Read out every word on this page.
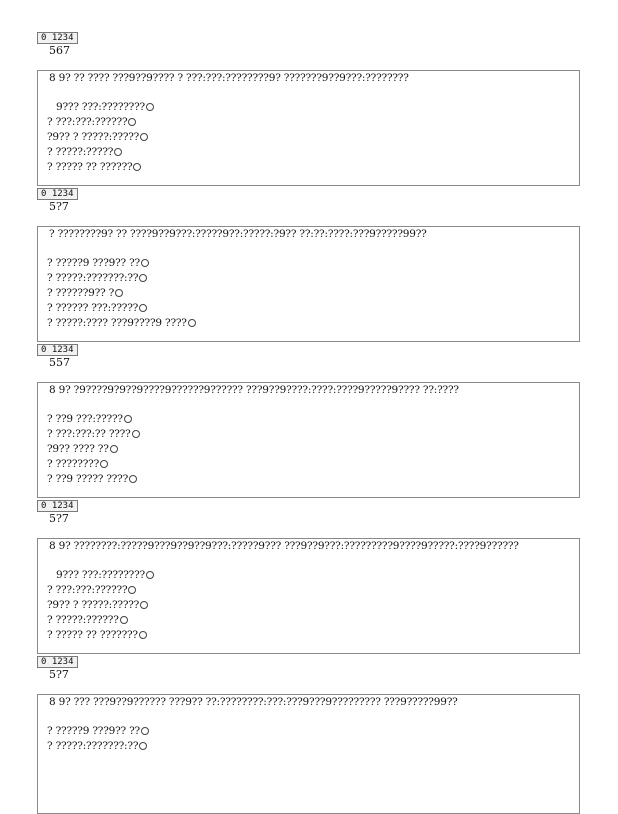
0 1234
567
8 9? ?? ???? ???9??9???? ? ???:???:????????9? ???????9??9???:????????
9??? ???:????????
? ???:???:??????
?9?? ? ?????:?????
? ?????:?????
? ????? ?? ??????
0 1234
5?7
? ????????9? ?? ????9??9???:?????9??:?????:?9?? ??:??:????:???9?????99??
? ?????9 ???9?? ??
? ?????:???????:??
? ??????9?? ?
? ?????? ???:?????
? ?????:???? ???9????9 ????
0 1234
557
8 9? ?9????9?9??9????9??????9?????? ???9??9????:????:????9?????9???? ??:????
? ??9 ???:?????
? ???:???:?? ????
?9?? ???? ??
? ????????
? ??9 ????? ????
0 1234
5?7
8 9? ????????:?????9???9??9??9???:?????9??? ???9??9???:?????????9????9?????:????9??????
9??? ???:????????
? ???:???:??????
?9?? ? ?????:?????
? ?????:??????
? ????? ?? ???????
0 1234
5?7
8 9? ??? ???9??9?????? ???9?? ??:????????:???:???9???9????????? ???9?????99??
? ?????9 ???9?? ??
? ?????:???????:??
